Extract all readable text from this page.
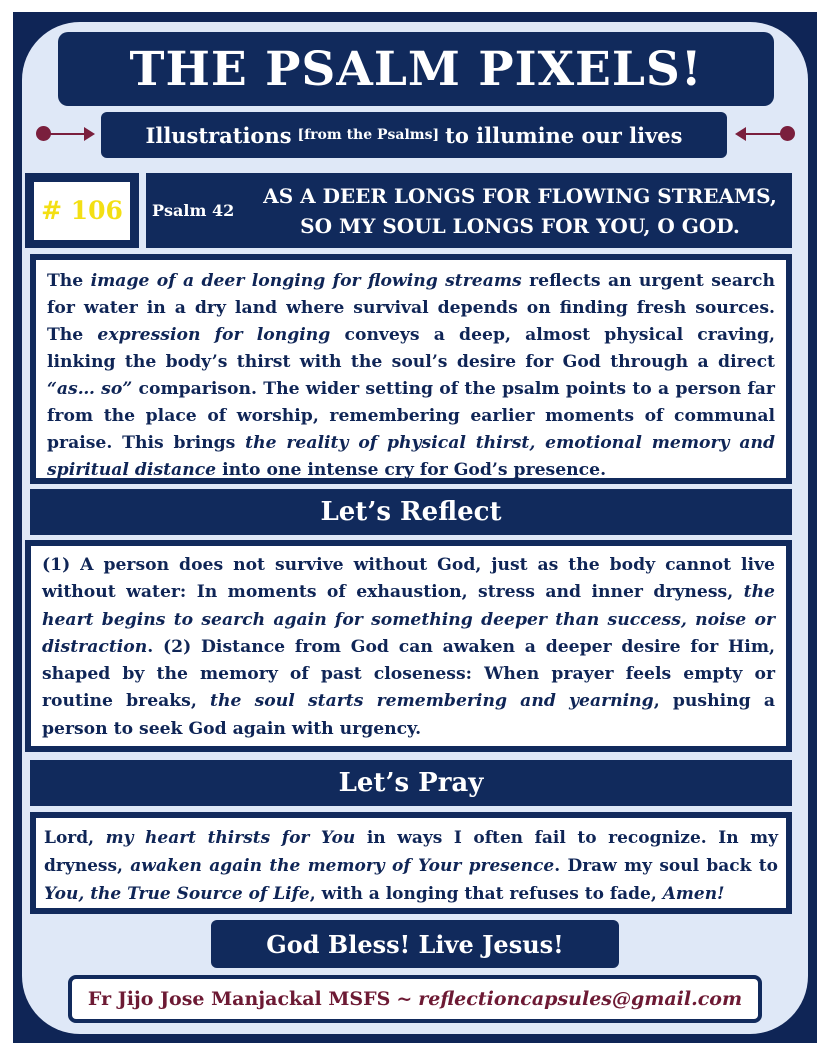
THE PSALM PIXELS!
Illustrations [from the Psalms] to illumine our lives
# 106	Psalm 42
AS A DEER LONGS FOR FLOWING STREAMS,
SO MY SOUL LONGS FOR YOU, O GOD.
The image of a deer longing for flowing streams reflects an urgent search for water in a dry land where survival depends on finding fresh sources. The expression for longing conveys a deep, almost physical craving, linking the body’s thirst with the soul’s desire for God through a direct “as… so” comparison. The wider setting of the psalm points to a person far from the place of worship, remembering earlier moments of communal praise. This brings the reality of physical thirst, emotional memory and spiritual distance into one intense cry for God’s presence.
Let’s Reflect
(1) A person does not survive without God, just as the body cannot live without water: In moments of exhaustion, stress and inner dryness, the heart begins to search again for something deeper than success, noise or distraction. (2) Distance from God can awaken a deeper desire for Him, shaped by the memory of past closeness: When prayer feels empty or routine breaks, the soul starts remembering and yearning, pushing a person to seek God again with urgency.
Let’s Pray
Lord, my heart thirsts for You in ways I often fail to recognize. In my dryness, awaken again the memory of Your presence. Draw my soul back to You, the True Source of Life, with a longing that refuses to fade, Amen!
God Bless! Live Jesus!
Fr Jijo Jose Manjackal MSFS ~ reflectioncapsules@gmail.com
